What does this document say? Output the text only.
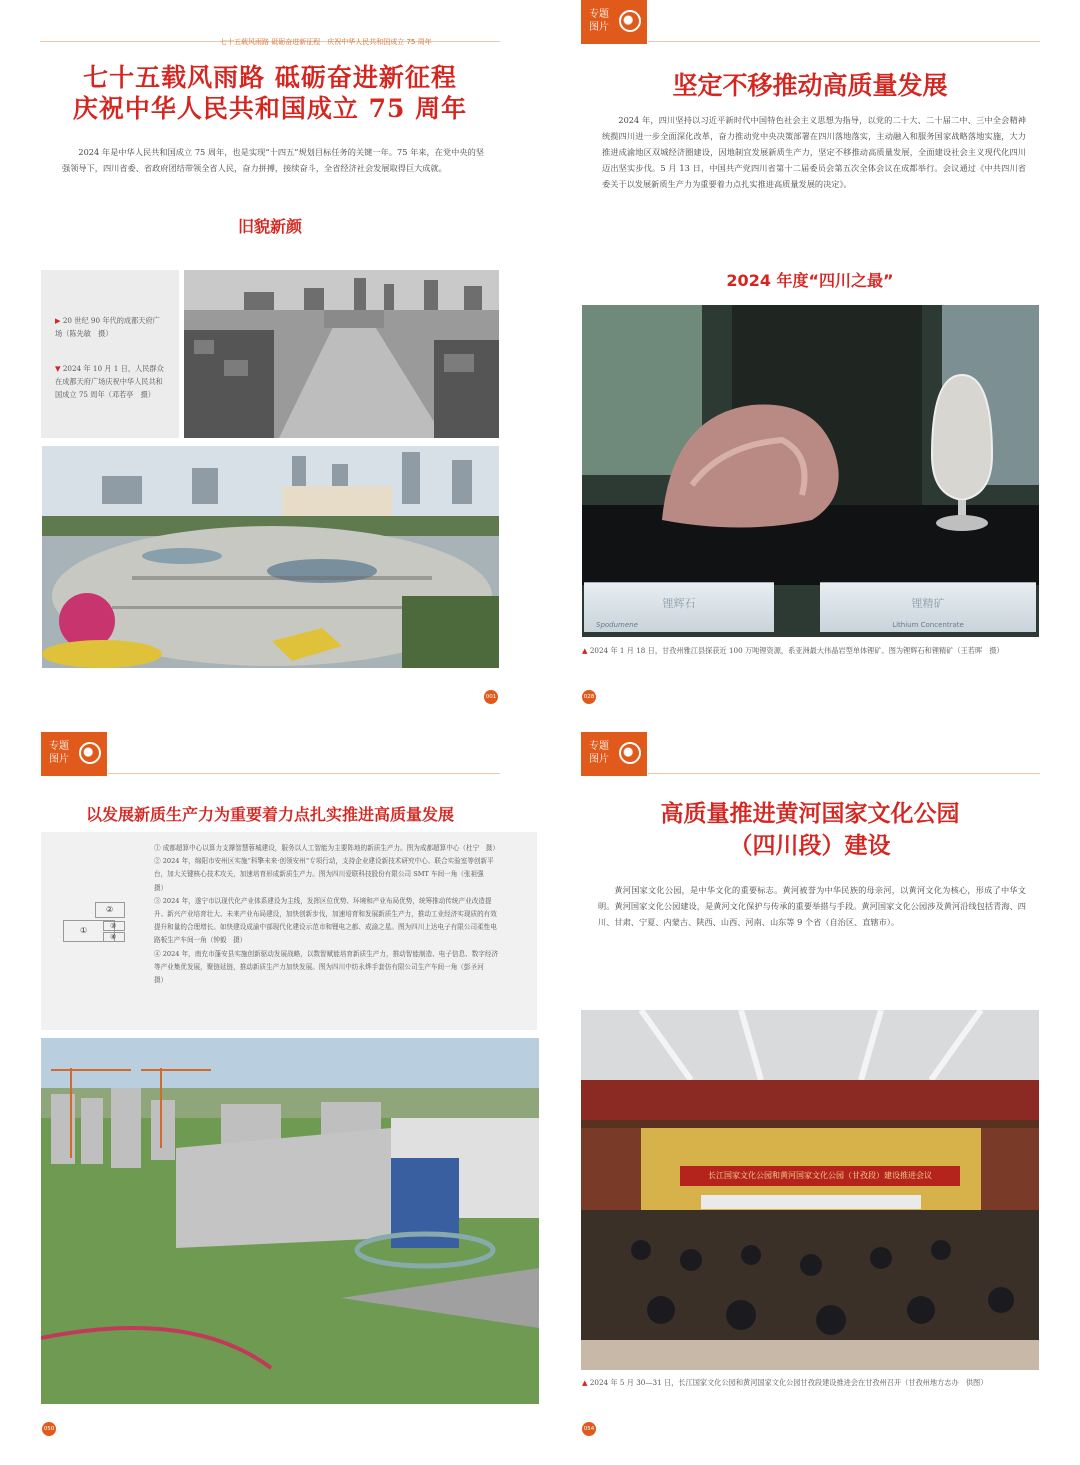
七十五载风雨路 砥砺奋进新征程　庆祝中华人民共和国成立 75 周年
七十五载风雨路 砥砺奋进新征程
庆祝中华人民共和国成立 75 周年
2024 年是中华人民共和国成立 75 周年，也是实现“十四五”规划目标任务的关键一年。75 年来，在党中央的坚强领导下，四川省委、省政府团结带领全省人民，奋力拼搏，接续奋斗，全省经济社会发展取得巨大成就。
旧貌新颜
▶ 20 世纪 90 年代的成都天府广场（陈先敏　摄）
▼ 2024 年 10 月 1 日，人民群众在成都天府广场庆祝中华人民共和国成立 75 周年（邓若亭　摄）
001
专题图片
坚定不移推动高质量发展
2024 年，四川坚持以习近平新时代中国特色社会主义思想为指导，以党的二十大、二十届二中、三中全会精神统揽四川进一步全面深化改革，奋力推动党中央决策部署在四川落地落实，主动融入和服务国家战略落地实施，大力推进成渝地区双城经济圈建设，因地制宜发展新质生产力，坚定不移推动高质量发展，全面建设社会主义现代化四川迈出坚实步伐。5 月 13 日，中国共产党四川省第十二届委员会第五次全体会议在成都举行。会议通过《中共四川省委关于以发展新质生产力为重要着力点扎实推进高质量发展的决定》。
2024 年度“四川之最”
锂辉石
Spodumene
锂精矿
Lithium Concentrate
▲ 2024 年 1 月 18 日，甘孜州雅江县探获近 100 万吨锂资源，系亚洲最大伟晶岩型单体锂矿。图为锂辉石和锂精矿（王若晖　摄）
028
专题图片
以发展新质生产力为重要着力点扎实推进高质量发展
①
②
③
④
① 成都超算中心以算力支撑智慧蓉城建设，服务以人工智能为主要阵地的新质生产力。图为成都超算中心（杜宁　摄）
② 2024 年，绵阳市安州区实施“科擎未来·创领安州”专项行动，支持企业建设新技术研究中心、联合实验室等创新平台，加大关键核心技术攻关，加速培育形成新质生产力。图为四川爱联科技股份有限公司 SMT 车间一角（张祖强　摄）
③ 2024 年，遂宁市以现代化产业体系建设为主线，发挥区位优势、环境和产业布局优势，统筹推动传统产业改造提升、新兴产业培育壮大、未来产业布局建设，加快创新步伐，加速培育和发展新质生产力，推动工业经济实现质的有效提升和量的合理增长。如快建设成渝中部现代化建设示范市和锂电之都、成渝之星。图为四川上达电子有限公司柔性电路板生产车间一角（钟毅　摄）
④ 2024 年，南充市蓬安县实施创新驱动发展战略，以数智赋能培育新质生产力，推动智能制造、电子信息、数字经济等产业集优发展，聚链延链，推动新质生产力加快发展。图为四川中纺永烨手套仿有限公司生产车间一角（彭圣河　摄）
050
专题图片
高质量推进黄河国家文化公园
（四川段）建设
黄河国家文化公园，是中华文化的重要标志。黄河被誉为中华民族的母亲河，以黄河文化为核心，形成了中华文明。黄河国家文化公园建设，是黄河文化保护与传承的重要举措与手段。黄河国家文化公园涉及黄河沿线包括青海、四川、甘肃、宁夏、内蒙古、陕西、山西、河南、山东等 9 个省（自治区、直辖市）。
长江国家文化公园和黄河国家文化公园（甘孜段）建设推进会议
▲ 2024 年 5 月 30—31 日，长江国家文化公园和黄河国家文化公园甘孜段建设推进会在甘孜州召开（甘孜州地方志办　供图）
054
